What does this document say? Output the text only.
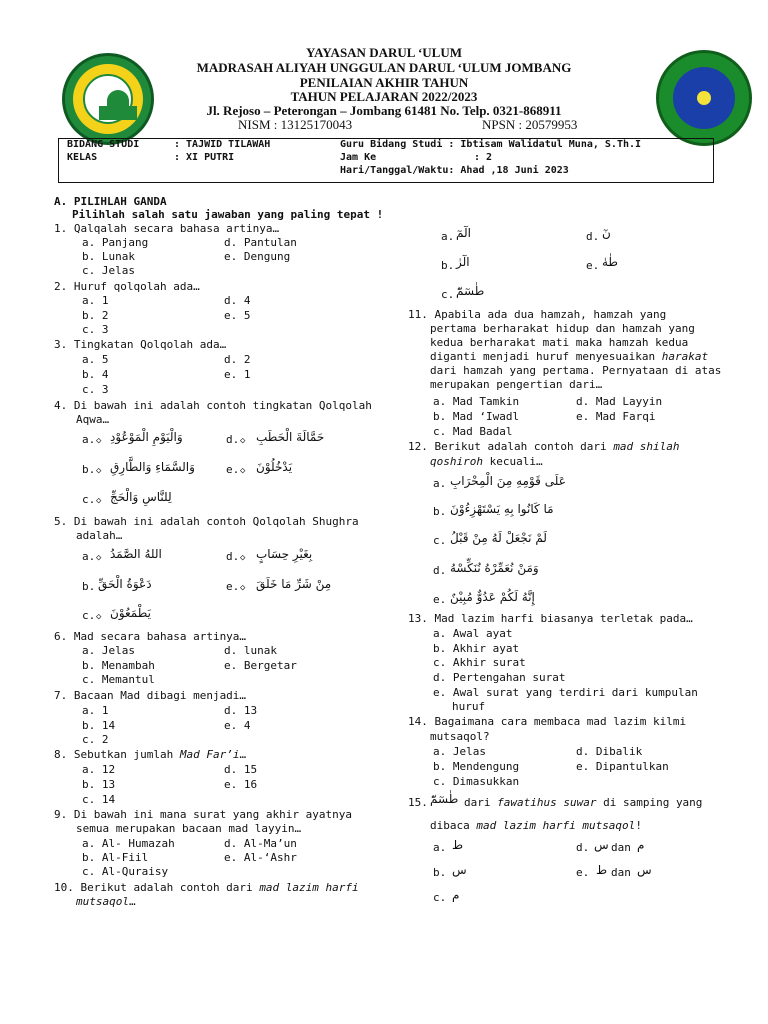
YAYASAN DARUL ‘ULUM
MADRASAH ALIYAH UNGGULAN DARUL ‘ULUM JOMBANG
PENILAIAN AKHIR TAHUN
TAHUN PELAJARAN 2022/2023
Jl. Rejoso – Peterongan – Jombang 61481 No. Telp. 0321-868911
NISM : 13125170043	NPSN : 20579953
BIDANG STUDI	: TAJWID TILAWAH
KELAS	: XI PUTRI
Guru Bidang Studi : Ibtisam Walidatul Muna, S.Th.I
Jam Ke	: 2
Hari/Tanggal/Waktu: Ahad ,18 Juni 2023
A. PILIHLAH GANDA
Pilihlah salah satu jawaban yang paling tepat !
1. Qalqalah secara bahasa artinya…
a. Panjang	d. Pantulan
b. Lunak	e. Dengung
c. Jelas
2. Huruf qolqolah ada…
a. 1	d. 4
b. 2	e. 5
c. 3
3. Tingkatan Qolqolah ada…
a. 5	d. 2
b. 4	e. 1
c. 3
4. Di bawah ini adalah contoh tingkatan Qolqolah
Aqwa…
a. ◇ وَالْيَوْمِ الْمَوْعُوْدِ	d. ◇ حَمَّالَةَ الْحَطَبِ
b. ◇ وَالسَّمَاءِ وَالطَّارِقِ	e. ◇ يَدْخُلُوْنَ
c. ◇ لِلنَّاسِ وَالْحَجِّ
5. Di bawah ini adalah contoh Qolqolah Shughra
adalah…
a. ◇ اللهُ الصَّمَدُ	d. ◇ بِغَيْرِ حِسَابٍ
b. دَعْوَةُ الْحَقِّ	e. ◇ مِنْ شَرِّ مَا خَلَقَ
c. ◇ يَطْمَعُوْنَ
6. Mad secara bahasa artinya…
a. Jelas	d. lunak
b. Menambah	e. Bergetar
c. Memantul
7. Bacaan Mad dibagi menjadi…
a. 1	d. 13
b. 14	e. 4
c. 2
8. Sebutkan jumlah Mad Far’i…
a. 12	d. 15
b. 13	e. 16
c. 14
9. Di bawah ini mana surat yang akhir ayatnya
semua merupakan bacaan mad layyin…
a. Al- Humazah	d. Al-Ma’un
b. Al-Fiil	e. Al-‘Ashr
c. Al-Quraisy
10. Berikut adalah contoh dari mad lazim harfi
mutsaqol…
a. الٓمٓ	d. نٓ
b. الٓرٰ	e. طٰهٰ
c. طٰسٓمّٓ
11. Apabila ada dua hamzah, hamzah yang
pertama berharakat hidup dan hamzah yang
kedua berharakat mati maka hamzah kedua
diganti menjadi huruf menyesuaikan harakat
dari hamzah yang pertama. Pernyataan di atas
merupakan pengertian dari…
a. Mad Tamkin	d. Mad Layyin
b. Mad ‘Iwadl	e. Mad Farqi
c. Mad Badal
12. Berikut adalah contoh dari mad shilah
qoshiroh kecuali…
a. عَلَى قَوْمِهِ مِنَ الْمِحْرَابِ
b. مَا كَانُوا بِهِ يَسْتَهْزِءُوْنَ
c. لَمْ نَجْعَلْ لَهُ مِنْ قَبْلُ
d. وَمَنْ نُعَمِّرْهُ نُنَكِّسْهُ
e. إِنَّهُ لَكُمْ عَدُوٌّ مُبِيْنٌ
13. Mad lazim harfi biasanya terletak pada…
a. Awal ayat
b. Akhir ayat
c. Akhir surat
d. Pertengahan surat
e. Awal surat yang terdiri dari kumpulan
huruf
14. Bagaimana cara membaca mad lazim kilmi
mutsaqol?
a. Jelas	d. Dibalik
b. Mendengung	e. Dipantulkan
c. Dimasukkan
15. طٰسٓمّٓ dari fawatihus suwar di samping yang
dibaca mad lazim harfi mutsaqol!
a. ط	d. س dan م
b. س	e. ط dan س
c. م
